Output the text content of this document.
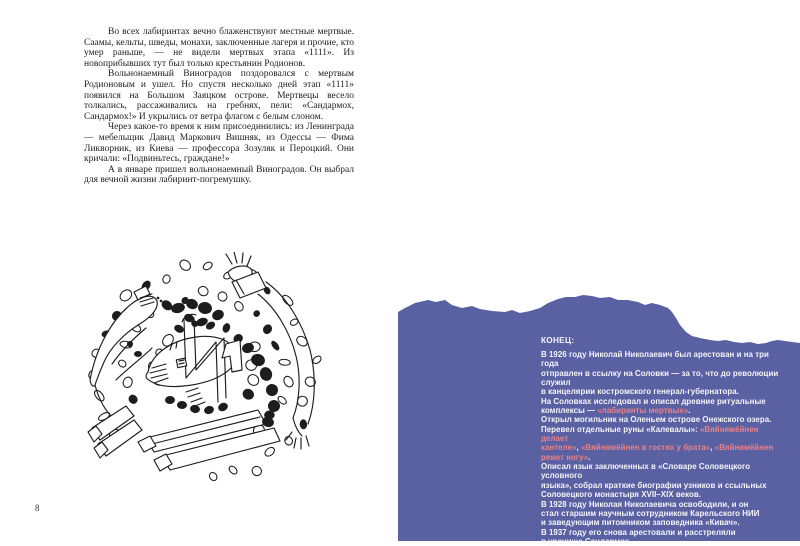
Во всех лабиринтах вечно блаженствуют местные мертвые. Саамы, кельты, шведы, монахи, заключенные лагеря и прочие, кто умер раньше, — не видели мертвых этапа «1111». Из новоприбывших тут был только крестьянин Родионов.

Вольнонаемный Виноградов поздоровался с мертвым Родионовым и ушел. Но спустя несколько дней этап «1111» появился на Большом Заяцком острове. Мертвецы весело толкались, рассаживались на гребнях, пели: «Сандармох, Сандармох!» И укрылись от ветра флагом с белым слоном.

Через какое-то время к ним присоединились: из Ленинграда — мебельщик Давид Маркович Вишняк, из Одессы — Фима Ликворник, из Киева — профессора Зозуляк и Пероцкий. Они кричали: «Подвиньтесь, граждане!»

А в январе пришел вольнонаемный Виноградов. Он выбрал для вечной жизни лабиринт-погремушку.

8
КОНЕЦ:
В 1926 году Николай Николаевич был арестован и на три года
отправлен в ссылку на Соловки — за то, что до революции служил
в канцелярии костромского генерал-губернатора.
На Соловках исследовал и описал древние ритуальные
комплексы — «лабиринты мертвых».
Открыл могильник на Оленьем острове Онежского озера.
Перевел отдельные руны «Калевалы»: «Вяйнямёйнен делает
кантеле», «Вяйнямёйнен в гостях у брата», «Вяйнямёйнен режет ногу».
Описал язык заключенных в «Словаре Соловецкого условного
языка», собрал краткие биографии узников и ссыльных
Соловецкого монастыря XVII–XIX веков.
В 1928 году Николая Николаевича освободили, и он
стал старшим научным сотрудником Карельского НИИ
и заведующим питомником заповедника «Кивач».
В 1937 году его снова арестовали и расстреляли
в урочище Сандармох.
